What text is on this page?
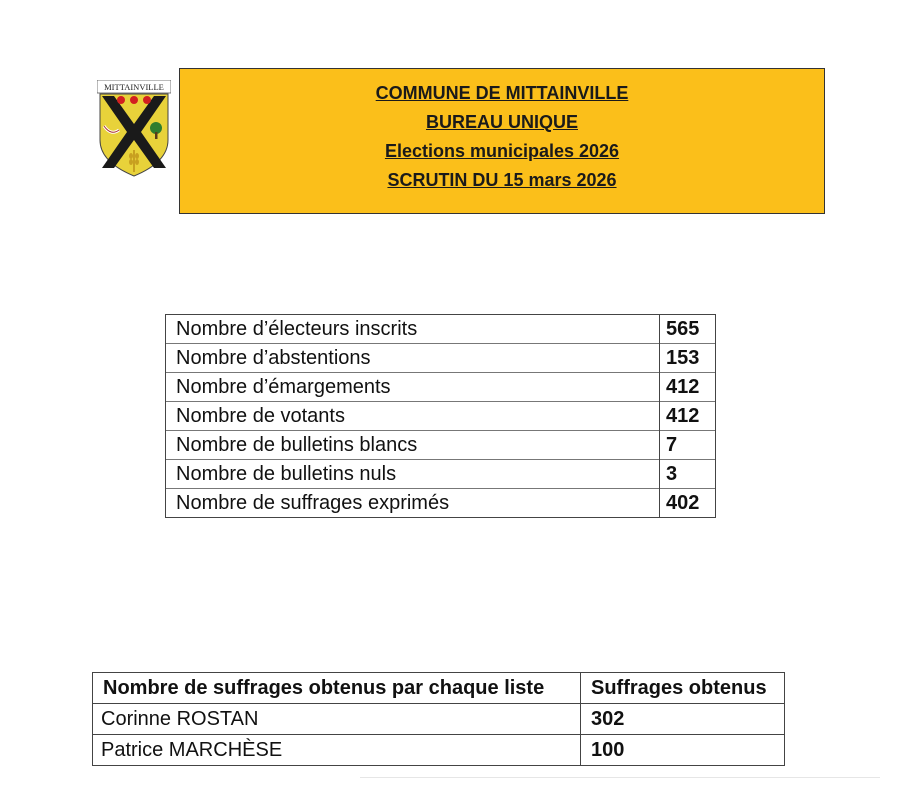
MITTAINVILLE	COMMUNE DE MITTAINVILLE
BUREAU UNIQUE
Elections municipales 2026
SCRUTIN DU 15 mars 2026
Nombre d’électeurs inscrits	565
Nombre d’abstentions	153
Nombre d’émargements	412
Nombre de votants	412
Nombre de bulletins blancs	7
Nombre de bulletins nuls	3
Nombre de suffrages exprimés	402
Nombre de suffrages obtenus par chaque liste	Suffrages obtenus
Corinne ROSTAN	302
Patrice MARCHÈSE	100
